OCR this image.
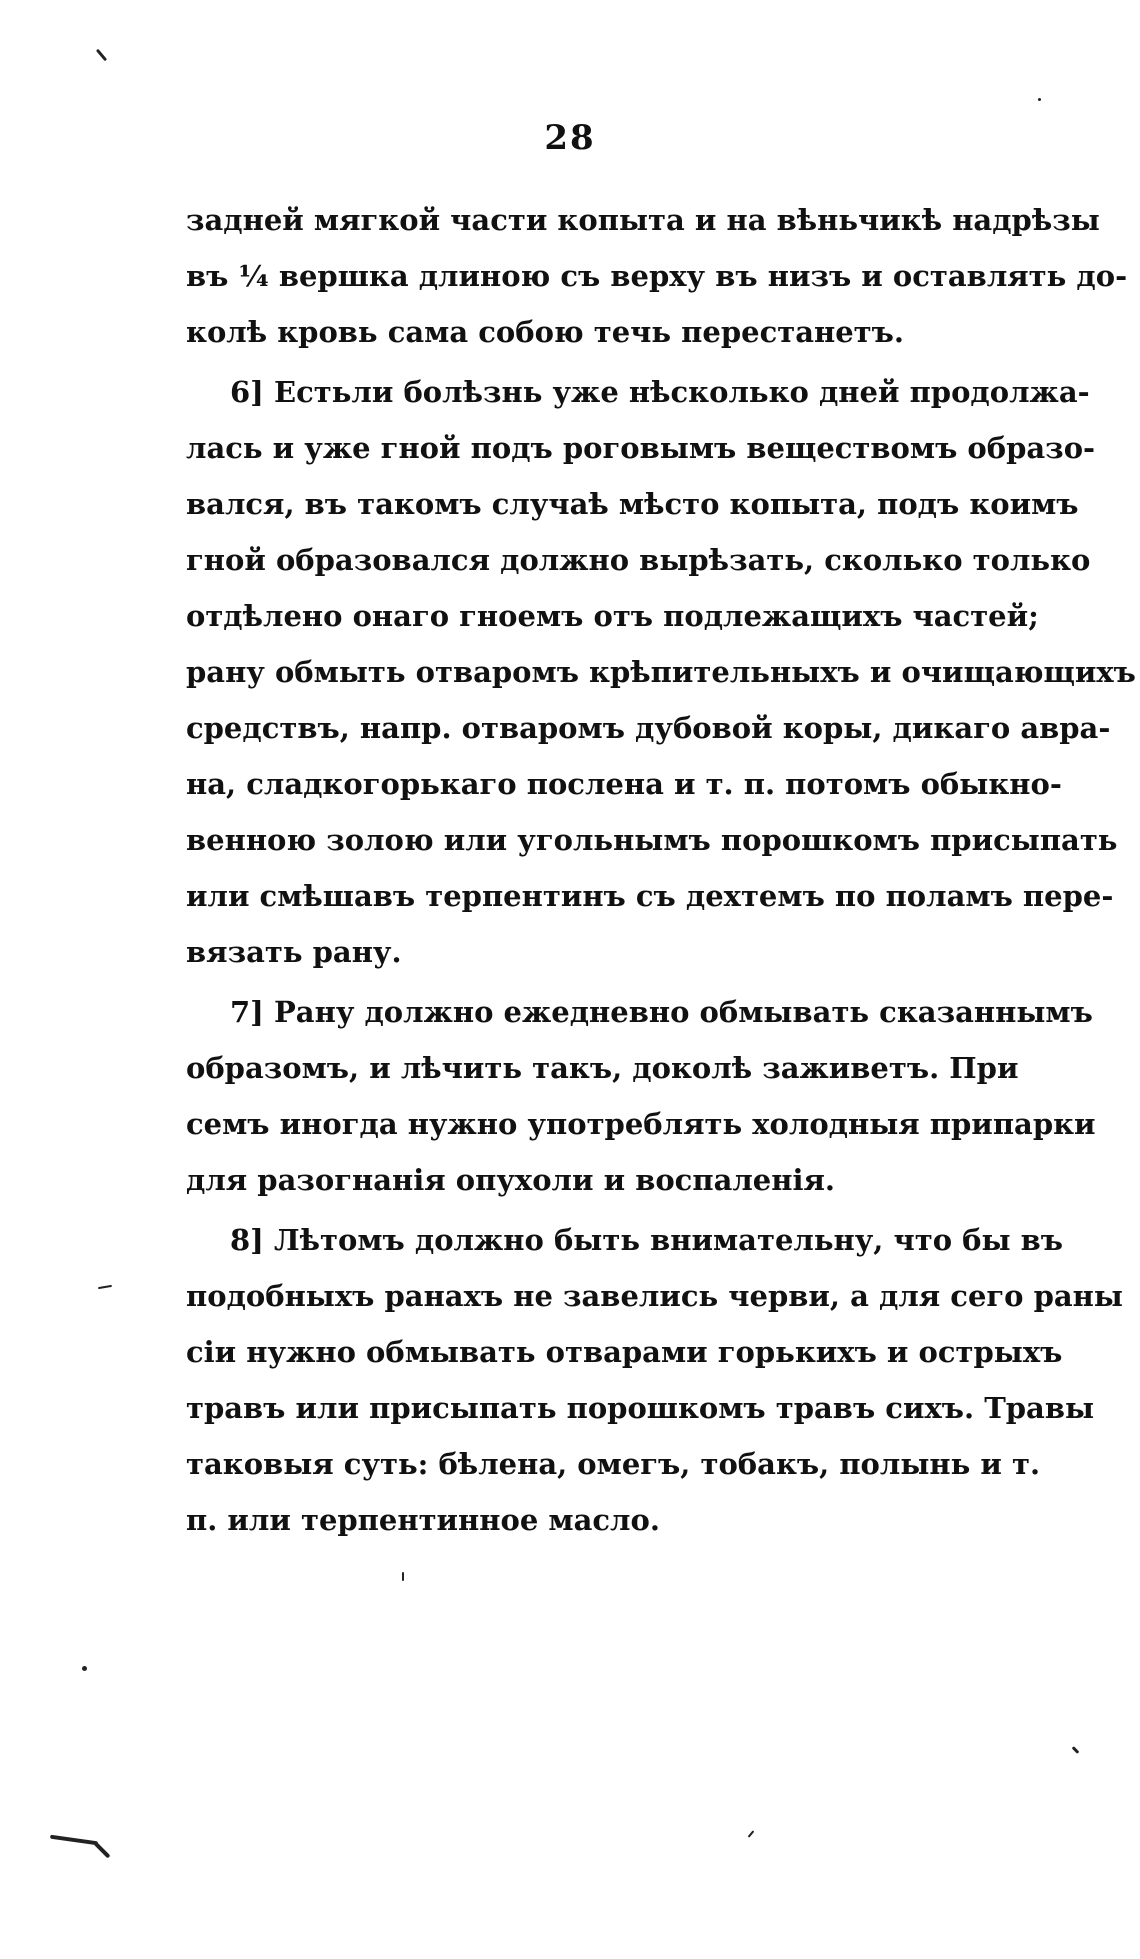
28
задней мягкой части копыта и на вѣньчикѣ надрѣзы
въ ¼ вершка длиною съ верху въ низъ и оставлять до-
колѣ кровь сама собою течь перестанетъ.
6] Естьли болѣзнь уже нѣсколько дней продолжа-
лась и уже гной подъ роговымъ веществомъ образо-
вался, въ такомъ случаѣ мѣсто копыта, подъ коимъ
гной образовался должно вырѣзать, сколько только
отдѣлено онаго гноемъ отъ подлежащихъ частей;
рану обмыть отваромъ крѣпительныхъ и очищающихъ
средствъ, напр. отваромъ дубовой коры, дикаго авра-
на, сладкогорькаго послена и т. п. потомъ обыкно-
венною золою или угольнымъ порошкомъ присыпать
или смѣшавъ терпентинъ съ дехтемъ по поламъ пере-
вязать рану.
7] Рану должно ежедневно обмывать сказаннымъ
образомъ, и лѣчить такъ, доколѣ заживетъ. При
семъ иногда нужно употреблять холодныя припарки
для разогнанія опухоли и воспаленія.
8] Лѣтомъ должно быть внимательну, что бы въ
подобныхъ ранахъ не завелись черви, а для сего раны
сіи нужно обмывать отварами горькихъ и острыхъ
травъ или присыпать порошкомъ травъ сихъ. Травы
таковыя суть: бѣлена, омегъ, тобакъ, полынь и т.
п. или терпентинное масло.
